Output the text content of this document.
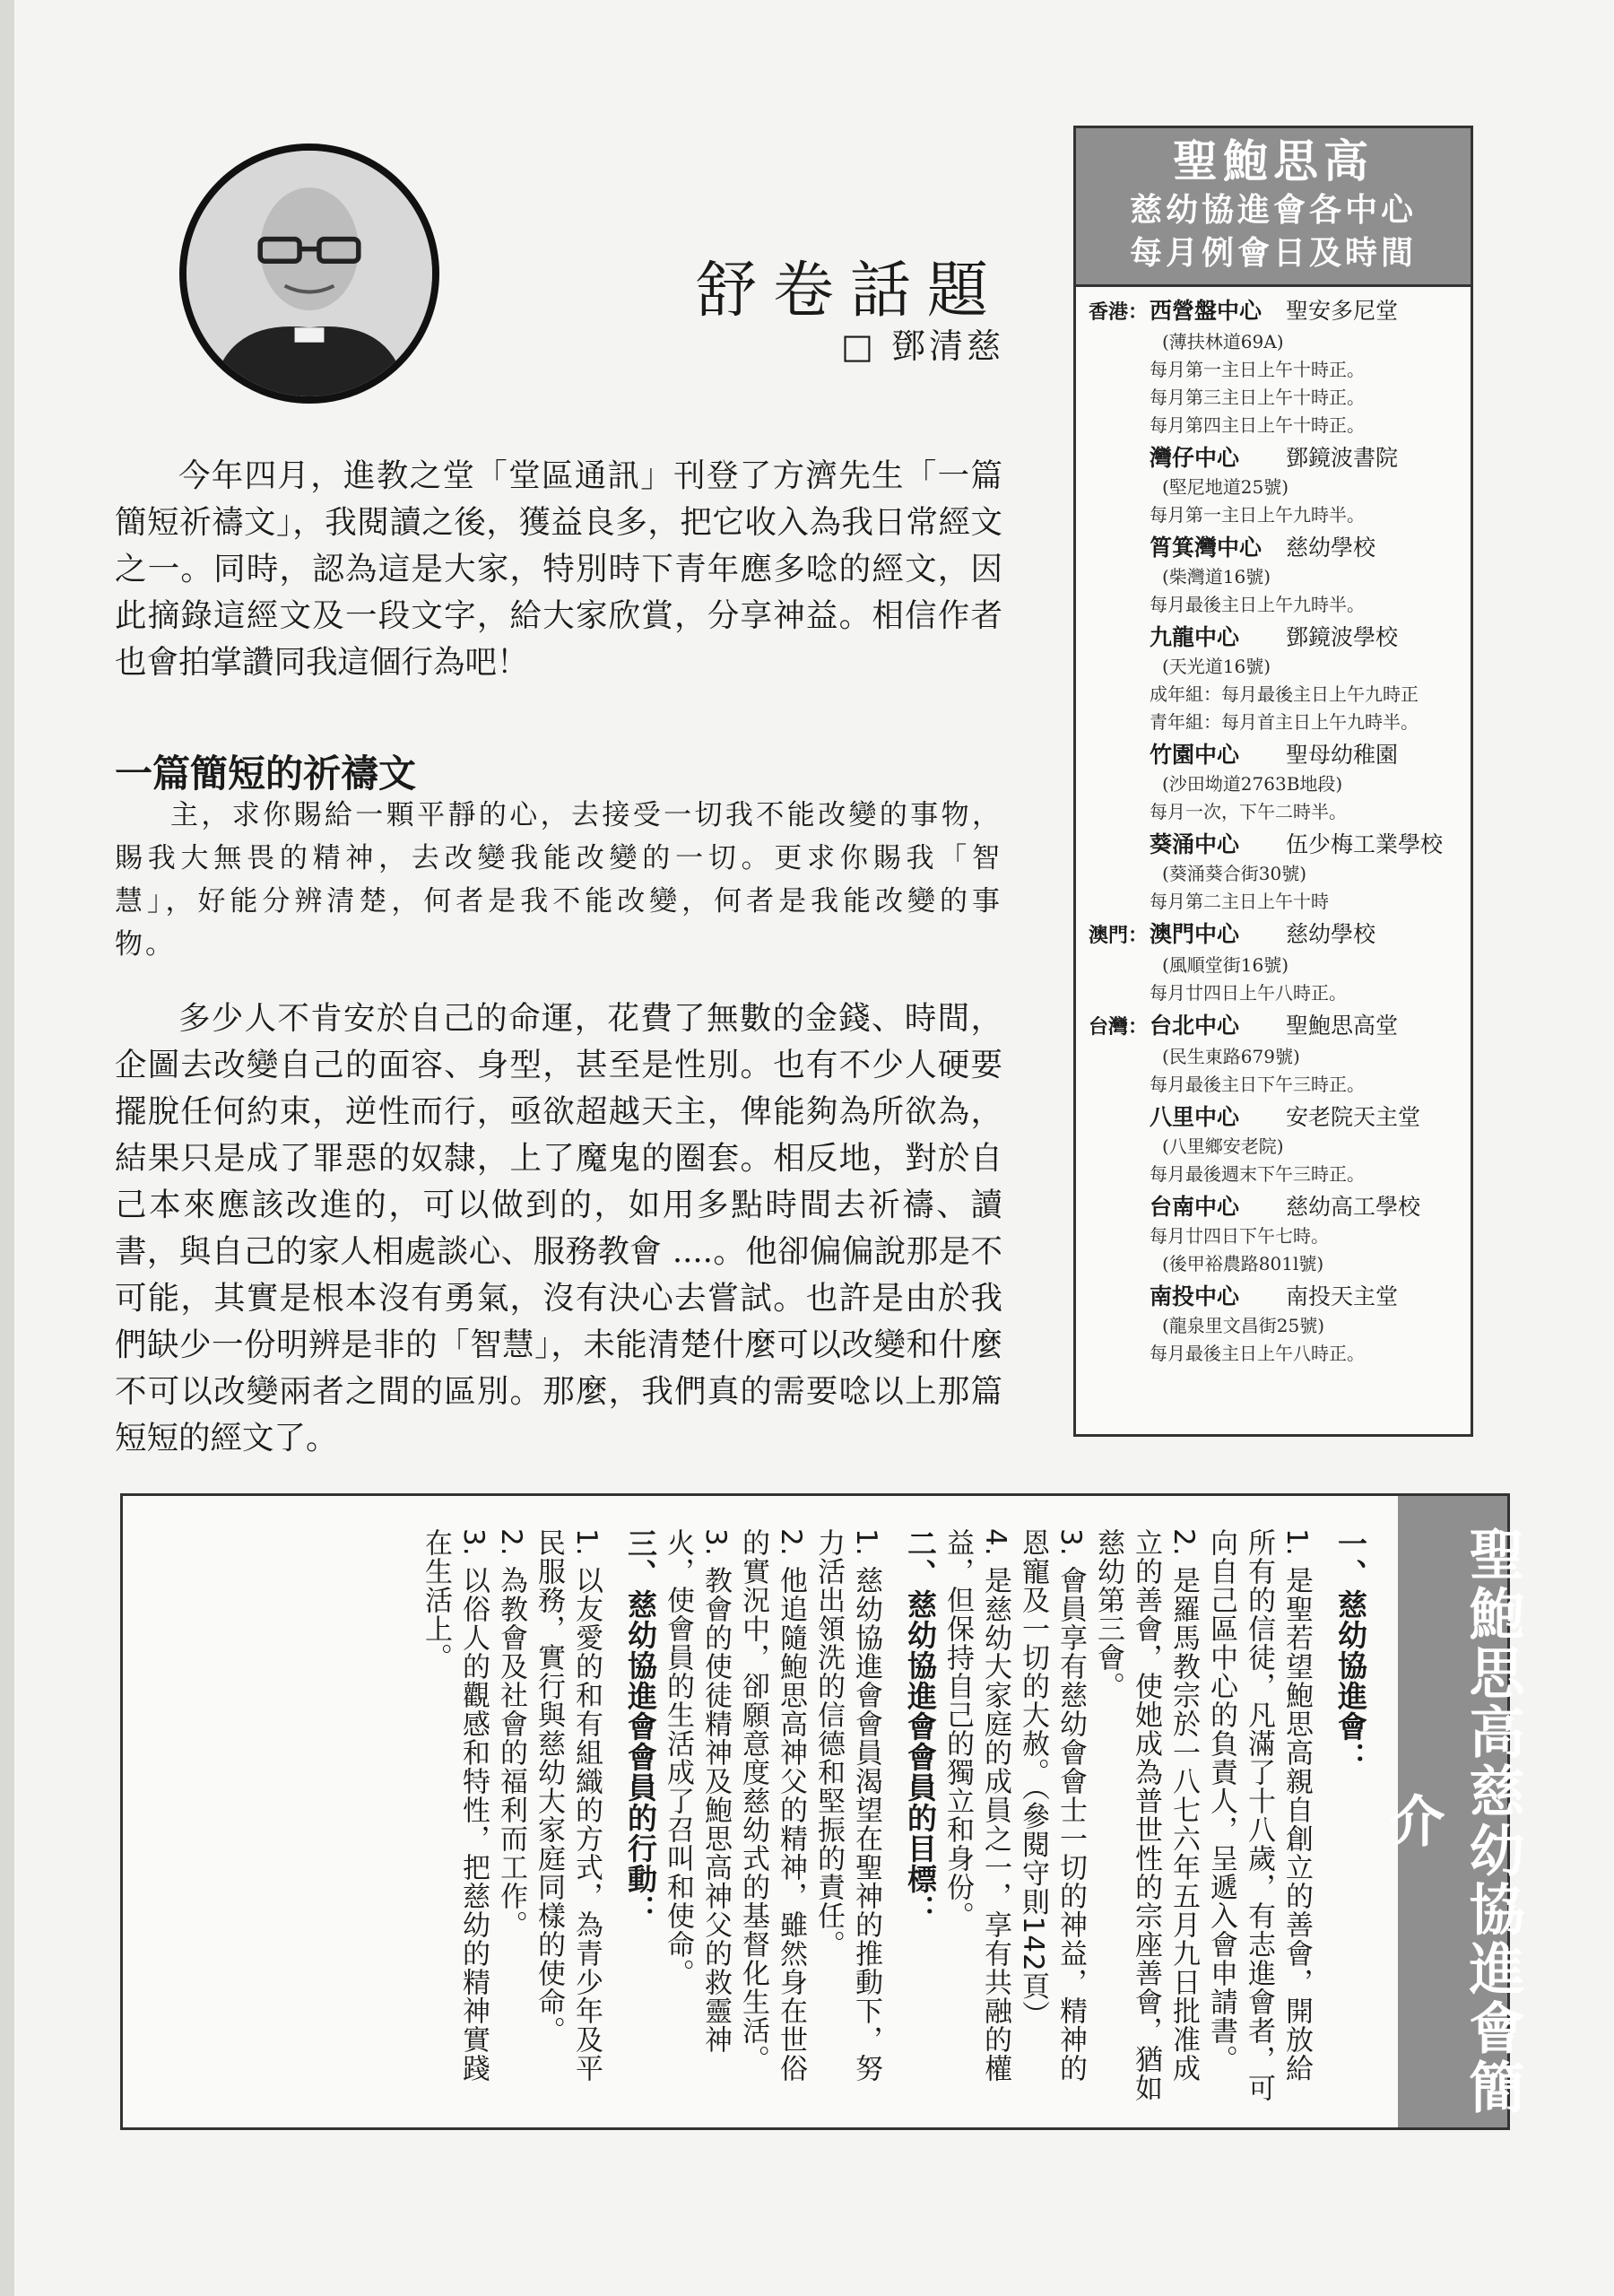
舒卷話題
□ 鄧清慈

今年四月，進教之堂「堂區通訊」刊登了方濟先生「一篇簡短祈禱文」，我閱讀之後，獲益良多，把它收入為我日常經文之一。同時，認為這是大家，特別時下青年應多唸的經文，因此摘錄這經文及一段文字，給大家欣賞，分享神益。相信作者也會拍掌讚同我這個行為吧！

一篇簡短的祈禱文

主，求你賜給一顆平靜的心，去接受一切我不能改變的事物，賜我大無畏的精神，去改變我能改變的一切。更求你賜我「智慧」，好能分辨清楚，何者是我不能改變，何者是我能改變的事物。

多少人不肯安於自己的命運，花費了無數的金錢、時間，企圖去改變自己的面容、身型，甚至是性別。也有不少人硬要擺脫任何約束，逆性而行，亟欲超越天主，俾能夠為所欲為，結果只是成了罪惡的奴隸，上了魔鬼的圈套。相反地，對於自己本來應該改進的，可以做到的，如用多點時間去祈禱、讀書，與自己的家人相處談心、服務教會 ....。他卻偏偏說那是不可能，其實是根本沒有勇氣，沒有決心去嘗試。也許是由於我們缺少一份明辨是非的「智慧」，未能清楚什麼可以改變和什麼不可以改變兩者之間的區別。那麼，我們真的需要唸以上那篇短短的經文了。

聖鮑思高
慈幼協進會各中心
每月例會日及時間
香港： 西營盤中心	聖安多尼堂
(薄扶林道69A)
每月第一主日上午十時正。
每月第三主日上午十時正。
每月第四主日上午十時正。
灣仔中心	鄧鏡波書院
(堅尼地道25號)
每月第一主日上午九時半。
筲箕灣中心	慈幼學校
(柴灣道16號)
每月最後主日上午九時半。
九龍中心	鄧鏡波學校
(天光道16號)
成年組：每月最後主日上午九時正
青年組：每月首主日上午九時半。
竹園中心	聖母幼稚園
(沙田坳道2763B地段)
每月一次，下午二時半。
葵涌中心	伍少梅工業學校
(葵涌葵合街30號)
每月第二主日上午十時
澳門： 澳門中心	慈幼學校
(風順堂街16號)
每月廿四日上午八時正。
台灣： 台北中心	聖鮑思高堂
(民生東路679號)
每月最後主日下午三時正。
八里中心	安老院天主堂
(八里鄉安老院)
每月最後週末下午三時正。
台南中心	慈幼高工學校
每月廿四日下午七時。
(後甲裕農路801l號)
南投中心	南投天主堂
(龍泉里文昌街25號)
每月最後主日上午八時正。
聖鮑思高慈幼協進會簡介

一、慈幼協進會：

1. 是聖若望鮑思高親自創立的善會，開放給所有的信徒，凡滿了十八歲，有志進會者，可向自己區中心的負責人，呈遞入會申請書。

2. 是羅馬教宗於一八七六年五月九日批准成立的善會，使她成為普世性的宗座善會，猶如慈幼第三會。

3. 會員享有慈幼會會士一切的神益，精神的恩寵及一切的大赦。（參閱守則142頁）

4. 是慈幼大家庭的成員之一，享有共融的權益，但保持自己的獨立和身份。

二、慈幼協進會會員的目標：

1. 慈幼協進會會員渴望在聖神的推動下，努力活出領洗的信德和堅振的責任。

2. 他追隨鮑思高神父的精神，雖然身在世俗的實況中，卻願意度慈幼式的基督化生活。

3. 教會的使徒精神及鮑思高神父的救靈神火，使會員的生活成了召叫和使命。

三、慈幼協進會會員的行動：

1. 以友愛的和有組織的方式，為青少年及平民服務，實行與慈幼大家庭同樣的使命。

2. 為教會及社會的福利而工作。

3. 以俗人的觀感和特性，把慈幼的精神實踐在生活上。
